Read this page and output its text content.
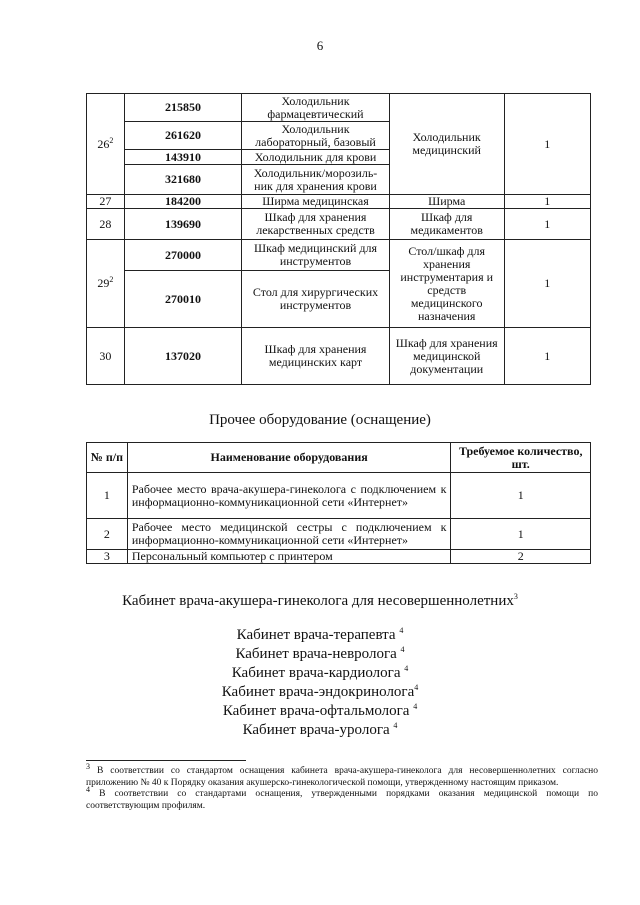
6
$26^2$	215850	Холодильник фармацевтический	Холодильник медицинский	1
	261620	Холодильник лабораторный, базовый		
	143910	Холодильник для крови		
	321680	Холодильник/морозиль-ник для хранения крови		
27	184200	Ширма медицинская	Ширма	1
28	139690	Шкаф для хранения лекарственных средств	Шкаф для медикаментов	1
$29^2$	270000	Шкаф медицинский для инструментов	Стол/шкаф для хранения инструментария и средств медицинского назначения	1
	270010	Стол для хирургических инструментов		
30	137020	Шкаф для хранения медицинских карт	Шкаф для хранения медицинской документации	1
Прочее оборудование (оснащение)
№ п/п	Наименование оборудования	Требуемое количество, шт.
1	Рабочее место врача-акушера-гинеколога с подключением к информационно-коммуникационной сети «Интернет»	1
2	Рабочее место медицинской сестры с подключением к информационно-коммуникационной сети «Интернет»	1
3	Персональный компьютер с принтером	2
Кабинет врача-акушера-гинеколога для несовершеннолетних$^3$
Кабинет врача-терапевта $^4$
Кабинет врача-невролога $^4$
Кабинет врача-кардиолога $^4$
Кабинет врача-эндокринолога$^4$
Кабинет врача-офтальмолога $^4$
Кабинет врача-уролога $^4$

$^3$ В соответствии со стандартом оснащения кабинета врача-акушера-гинеколога для несовершеннолетних согласно приложению № 40 к Порядку оказания акушерско-гинекологической помощи, утвержденному настоящим приказом.

$^4$ В соответствии со стандартами оснащения, утвержденными порядками оказания медицинской помощи по соответствующим профилям.
